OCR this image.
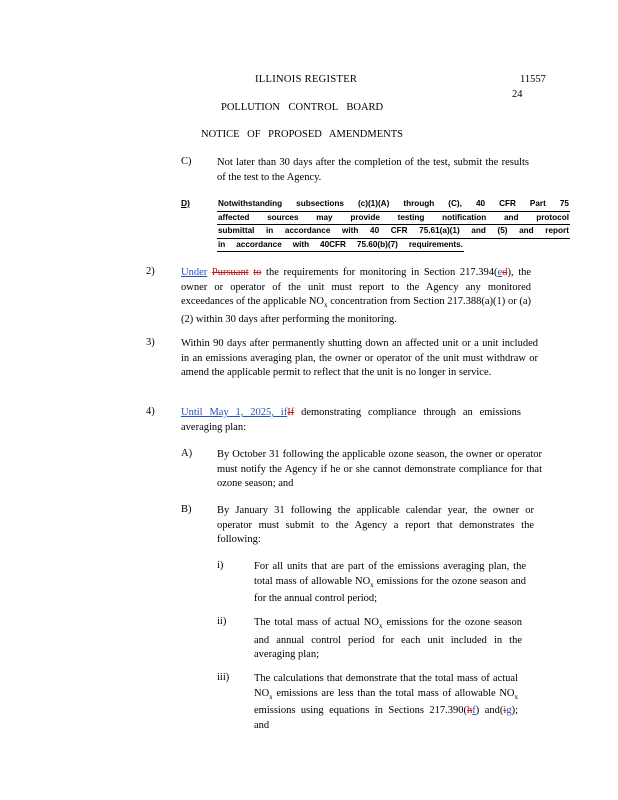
ILLINOIS REGISTER	11557
24
POLLUTION CONTROL BOARD
NOTICE OF PROPOSED AMENDMENTS
C) Not later than 30 days after the completion of the test, submit the results of the test to the Agency.
D)	Notwithstanding subsections (c)(1)(A) through (C), 40 CFR Part 75
affected sources may provide testing notification and protocol
submittal in accordance with 40 CFR 75.61(a)(1) and (5) and report
in accordance with 40CFR 75.60(b)(7) requirements.
2)	Under Pursuant to the requirements for monitoring in Section 217.394(ed), the owner or operator of the unit must report to the Agency any monitored exceedances of the applicable $NO_x$ concentration from Section 217.388(a)(1) or (a)(2) within 30 days after performing the monitoring.
3)	Within 90 days after permanently shutting down an affected unit or a unit included in an emissions averaging plan, the owner or operator of the unit must withdraw or amend the applicable permit to reflect that the unit is no longer in service.
4)	Until May 1, 2025, ifIf demonstrating compliance through an emissions averaging plan:
A) By October 31 following the applicable ozone season, the owner or operator must notify the Agency if he or she cannot demonstrate compliance for that ozone season; and
B) By January 31 following the applicable calendar year, the owner or operator must submit to the Agency a report that demonstrates the following:
i)	For all units that are part of the emissions averaging plan, the total mass of allowable $NO_x$ emissions for the ozone season and for the annual control period;
ii)	The total mass of actual $NO_x$ emissions for the ozone season and annual control period for each unit included in the averaging plan;
iii) The calculations that demonstrate that the total mass of actual $NO_x$ emissions are less than the total mass of allowable $NO_x$ emissions using equations in Sections 217.390(hf) and(ig); and
